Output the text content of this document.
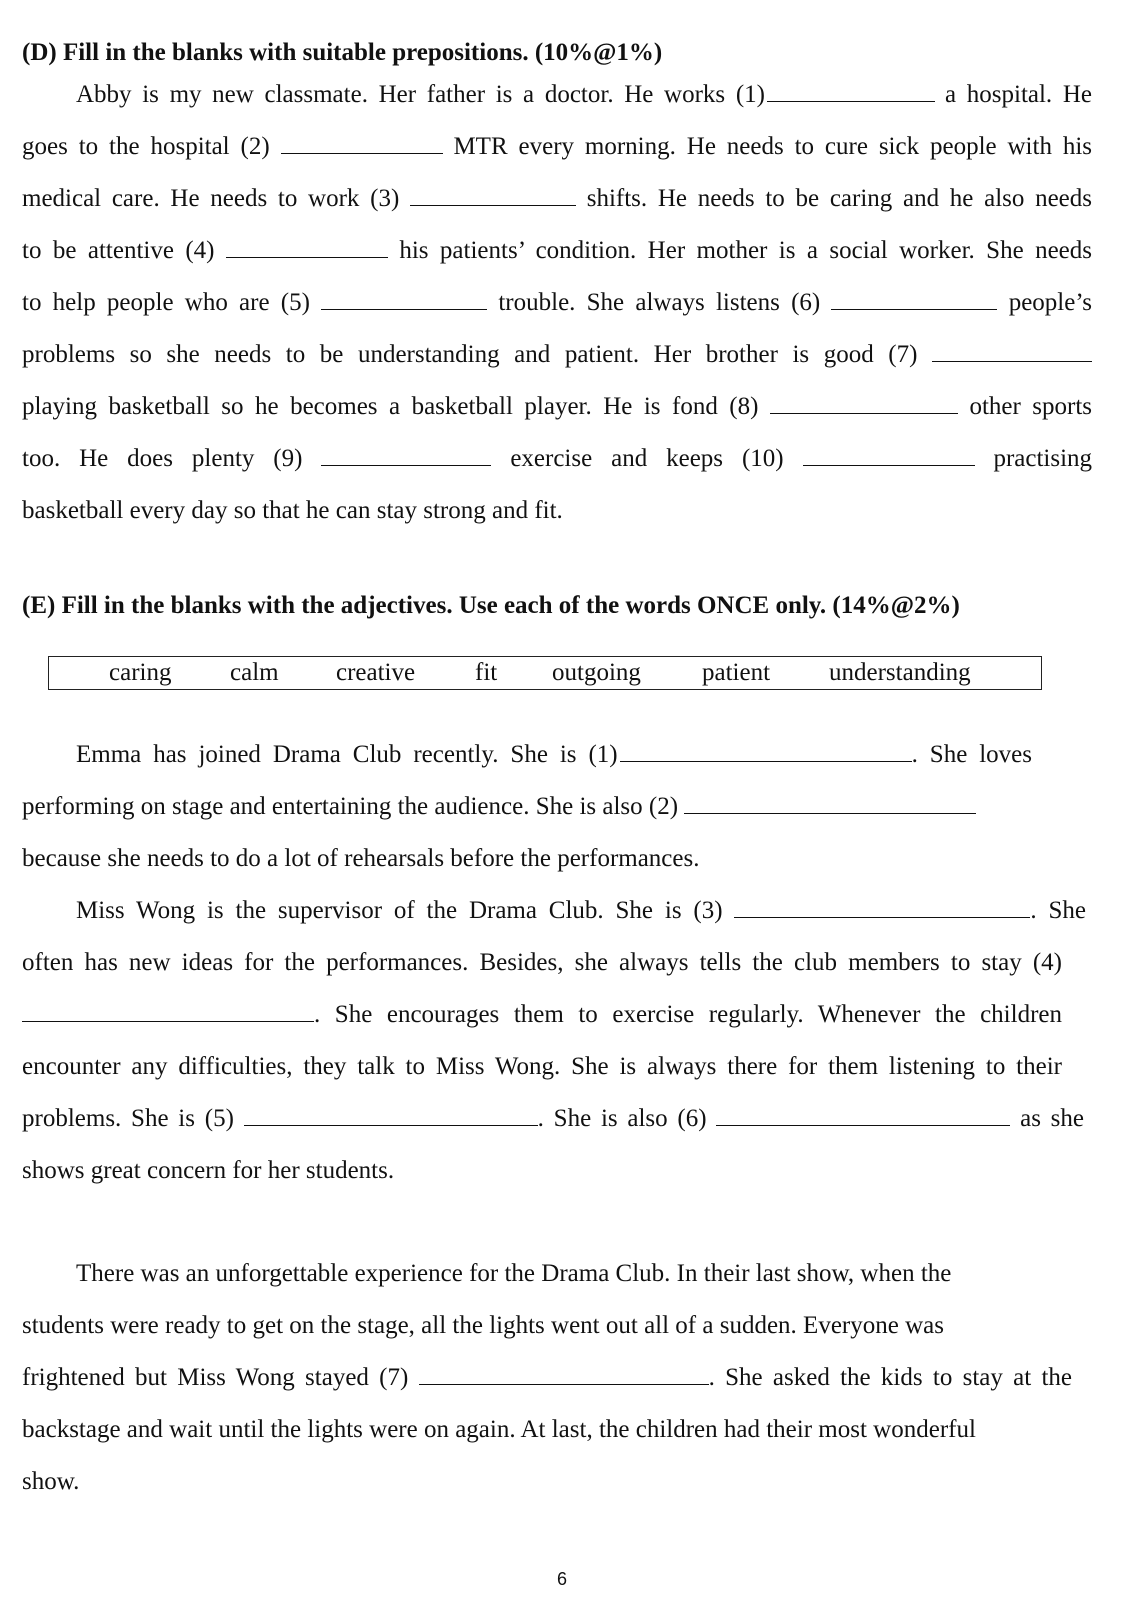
(D) Fill in the blanks with suitable prepositions. (10%@1%)
Abby is my new classmate. Her father is a doctor. He works (1)	a hospital. He
goes to the hospital (2)	MTR every morning. He needs to cure sick people with his
medical care. He needs to work (3)	shifts. He needs to be caring and he also needs
to be attentive (4)	his patients’ condition. Her mother is a social worker. She needs
to help people who are (5)	trouble. She always listens (6)	people’s
problems so she needs to be understanding and patient. Her brother is good (7)
playing basketball so he becomes a basketball player. He is fond (8)	other sports
too. He does plenty (9)	exercise and keeps (10)	practising
basketball every day so that he can stay strong and fit.
(E) Fill in the blanks with the adjectives. Use each of the words ONCE only. (14%@2%)
caring calm creative fit outgoing patient understanding
Emma has joined Drama Club recently. She is (1)	. She loves
performing on stage and entertaining the audience. She is also (2)
because she needs to do a lot of rehearsals before the performances.
Miss Wong is the supervisor of the Drama Club. She is (3)	. She
often has new ideas for the performances. Besides, she always tells the club members to stay (4)
. She encourages them to exercise regularly. Whenever the children
encounter any difficulties, they talk to Miss Wong. She is always there for them listening to their
problems. She is (5)	. She is also (6)	as she
shows great concern for her students.
There was an unforgettable experience for the Drama Club. In their last show, when the
students were ready to get on the stage, all the lights went out all of a sudden. Everyone was
frightened but Miss Wong stayed (7)	. She asked the kids to stay at the
backstage and wait until the lights were on again. At last, the children had their most wonderful
show.
6
